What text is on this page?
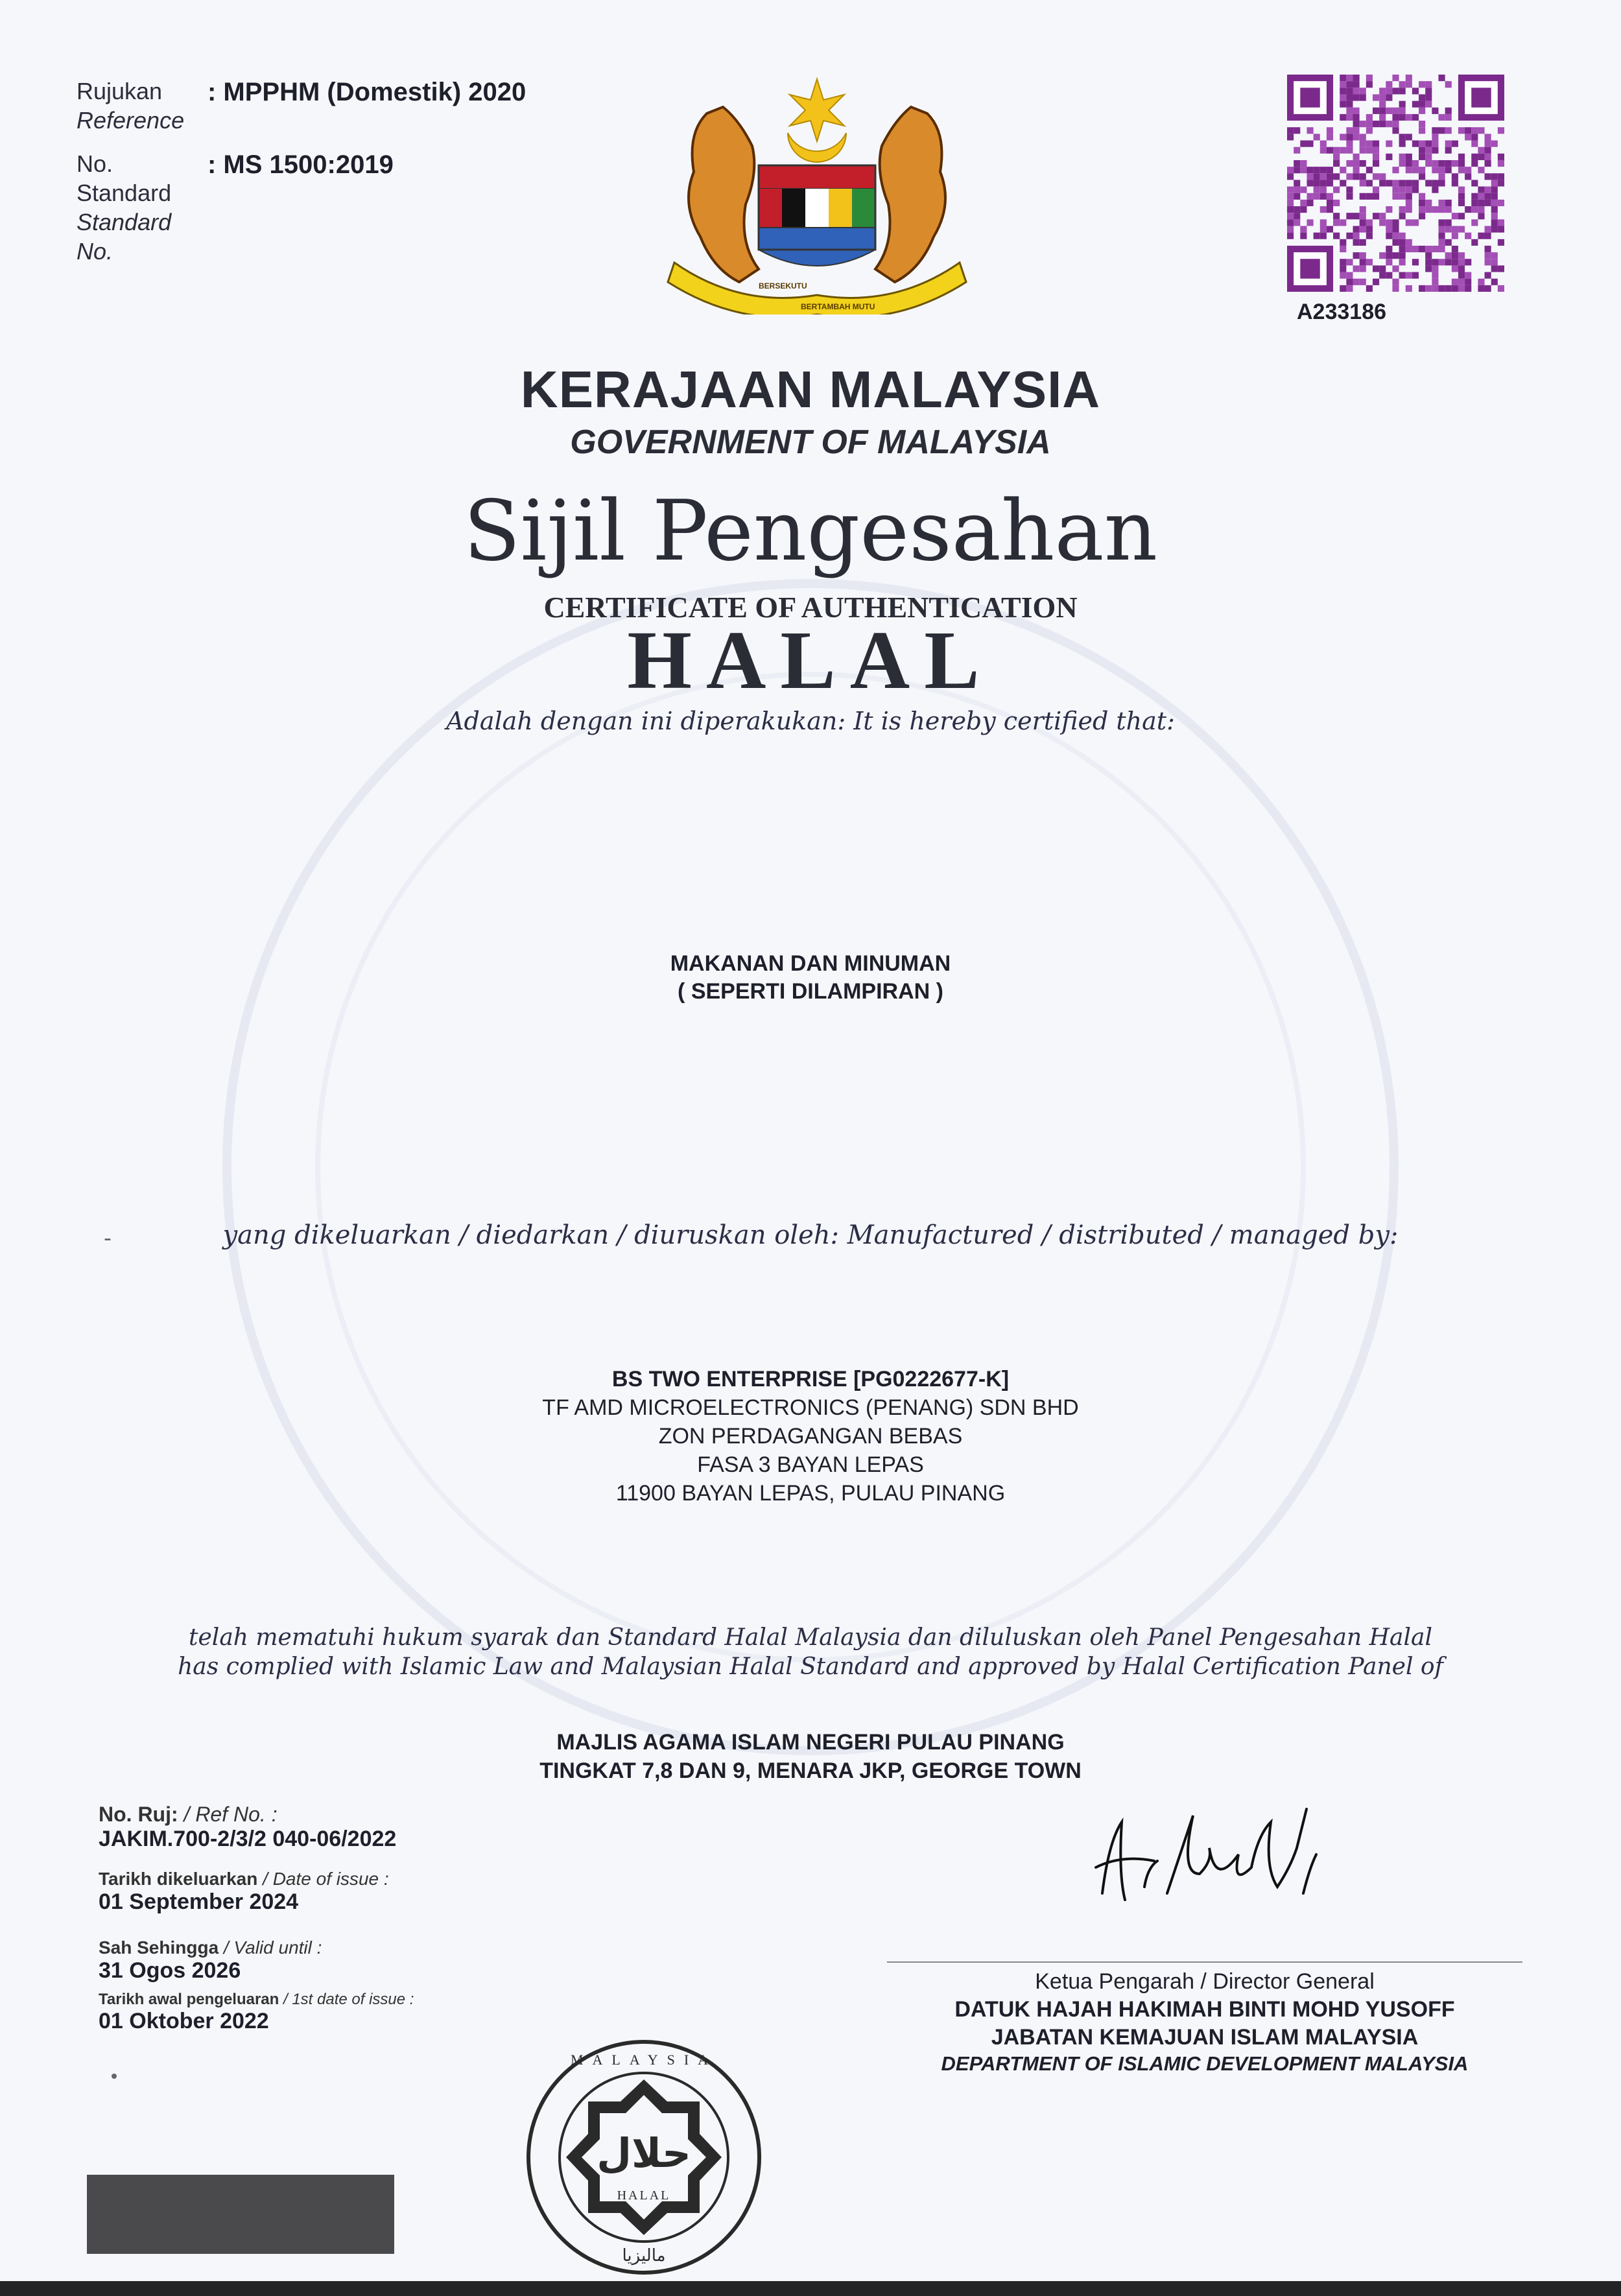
Rujukan
Reference
: MPPHM (Domestik) 2020
No.
Standard
Standard
No.
: MS 1500:2019
BERSEKUTU
BERTAMBAH MUTU	A233186
KERAJAAN MALAYSIA
GOVERNMENT OF MALAYSIA
Sijil Pengesahan
CERTIFICATE OF AUTHENTICATION
HALAL
Adalah dengan ini diperakukan: It is hereby certified that:
MAKANAN DAN MINUMAN
( SEPERTI DILAMPIRAN )
-	yang dikeluarkan / diedarkan / diuruskan oleh: Manufactured / distributed / managed by:
BS TWO ENTERPRISE [PG0222677-K]
TF AMD MICROELECTRONICS (PENANG) SDN BHD
ZON PERDAGANGAN BEBAS
FASA 3 BAYAN LEPAS
11900 BAYAN LEPAS, PULAU PINANG
telah mematuhi hukum syarak dan Standard Halal Malaysia dan diluluskan oleh Panel Pengesahan Halal
has complied with Islamic Law and Malaysian Halal Standard and approved by Halal Certification Panel of
MAJLIS AGAMA ISLAM NEGERI PULAU PINANG
TINGKAT 7,8 DAN 9, MENARA JKP, GEORGE TOWN
No. Ruj: / Ref No. :
JAKIM.700-2/3/2 040-06/2022
Tarikh dikeluarkan / Date of issue :
01 September 2024
Sah Sehingga / Valid until :
31 Ogos 2026
Tarikh awal pengeluaran / 1st date of issue :
01 Oktober 2022
Ketua Pengarah / Director General
DATUK HAJAH HAKIMAH BINTI MOHD YUSOFF
JABATAN KEMAJUAN ISLAM MALAYSIA
DEPARTMENT OF ISLAMIC DEVELOPMENT MALAYSIA
MALAYSIA
حلال
HALAL
ماليزيا
